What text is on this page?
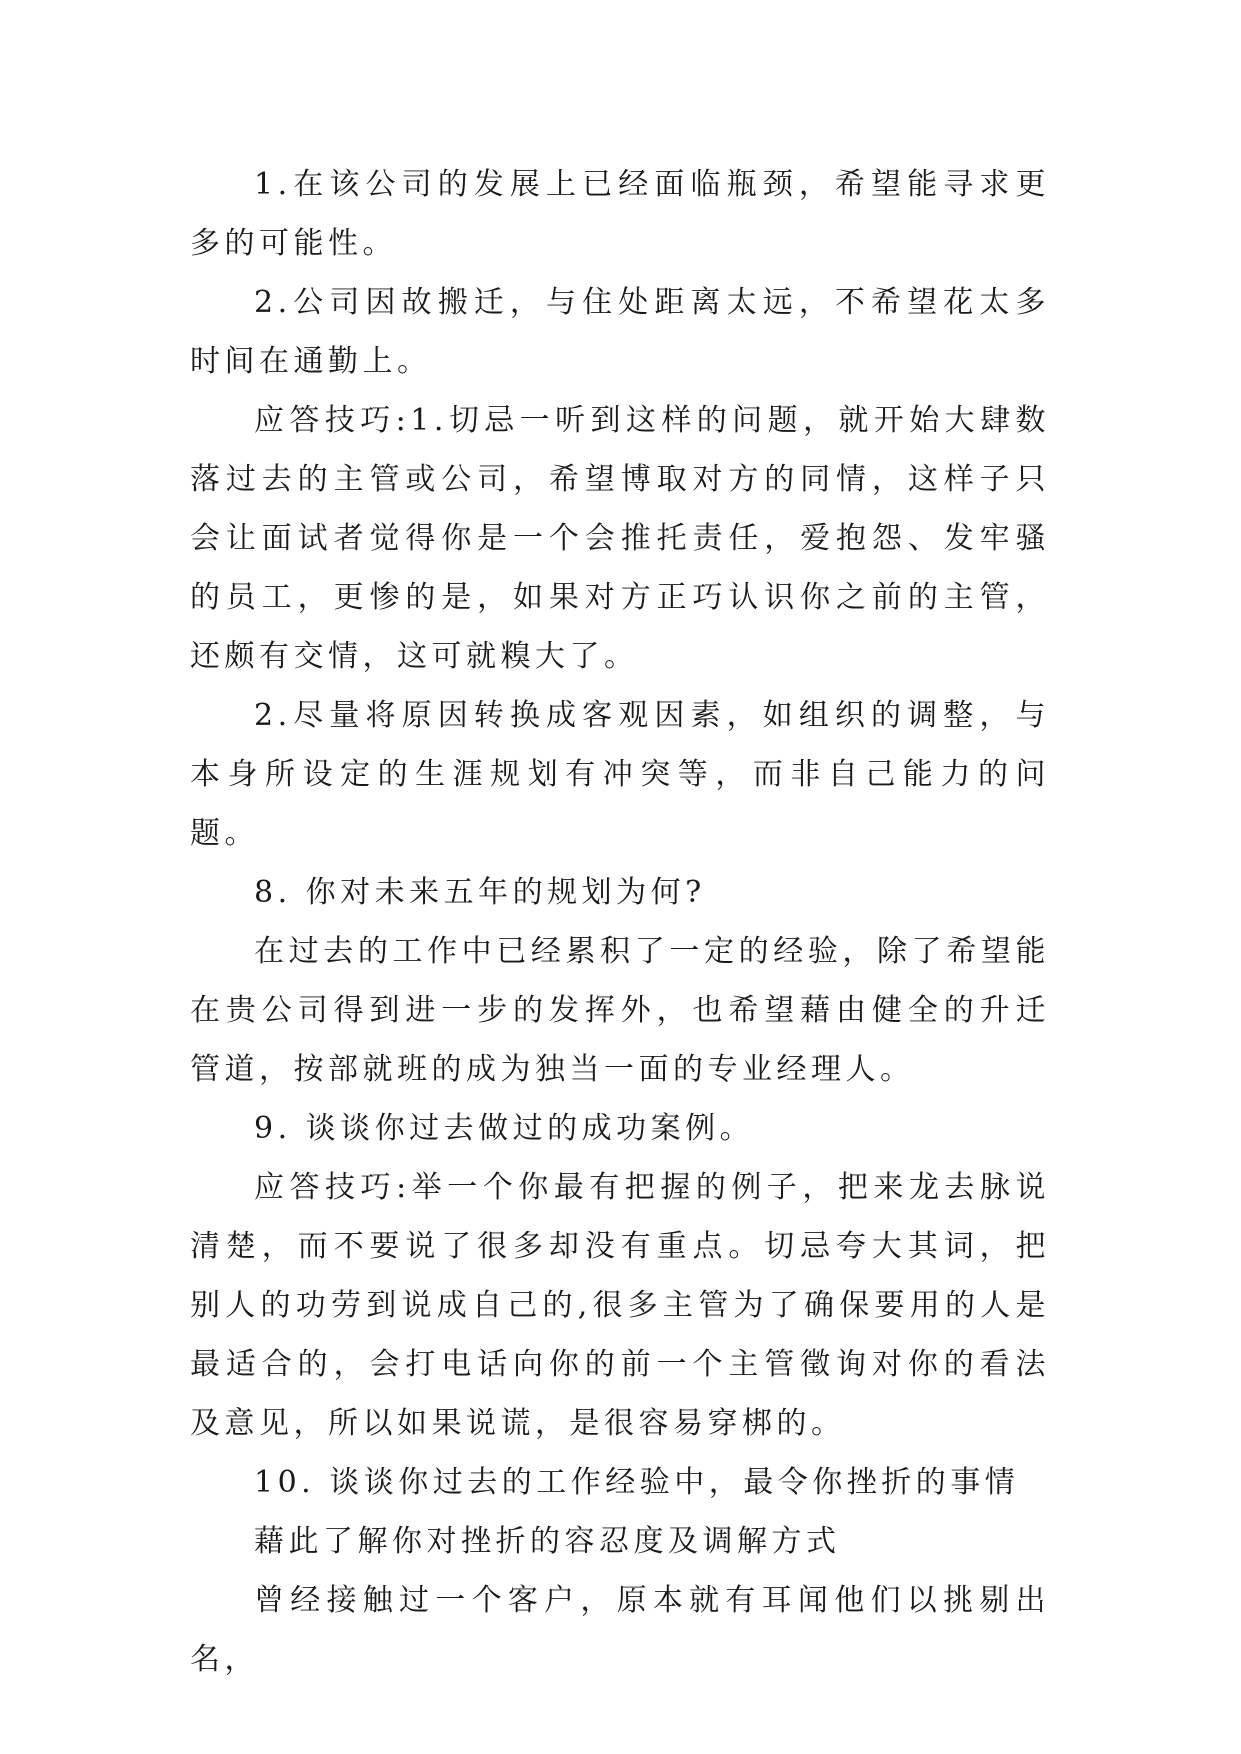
1.在该公司的发展上已经面临瓶颈，希望能寻求更多的可能性。

2.公司因故搬迁，与住处距离太远，不希望花太多时间在通勤上。

应答技巧:1.切忌一听到这样的问题，就开始大肆数落过去的主管或公司，希望博取对方的同情，这样子只会让面试者觉得你是一个会推托责任，爱抱怨、发牢骚的员工，更惨的是，如果对方正巧认识你之前的主管，还颇有交情，这可就糗大了。

2.尽量将原因转换成客观因素，如组织的调整，与本身所设定的生涯规划有冲突等，而非自己能力的问题。

8. 你对未来五年的规划为何?

在过去的工作中已经累积了一定的经验，除了希望能在贵公司得到进一步的发挥外，也希望藉由健全的升迁管道，按部就班的成为独当一面的专业经理人。

9. 谈谈你过去做过的成功案例。

应答技巧:举一个你最有把握的例子，把来龙去脉说清楚，而不要说了很多却没有重点。切忌夸大其词，把别人的功劳到说成自己的,很多主管为了确保要用的人是最适合的，会打电话向你的前一个主管徵询对你的看法及意见，所以如果说谎，是很容易穿梆的。

10. 谈谈你过去的工作经验中，最令你挫折的事情

藉此了解你对挫折的容忍度及调解方式

曾经接触过一个客户，原本就有耳闻他们以挑剔出名，
